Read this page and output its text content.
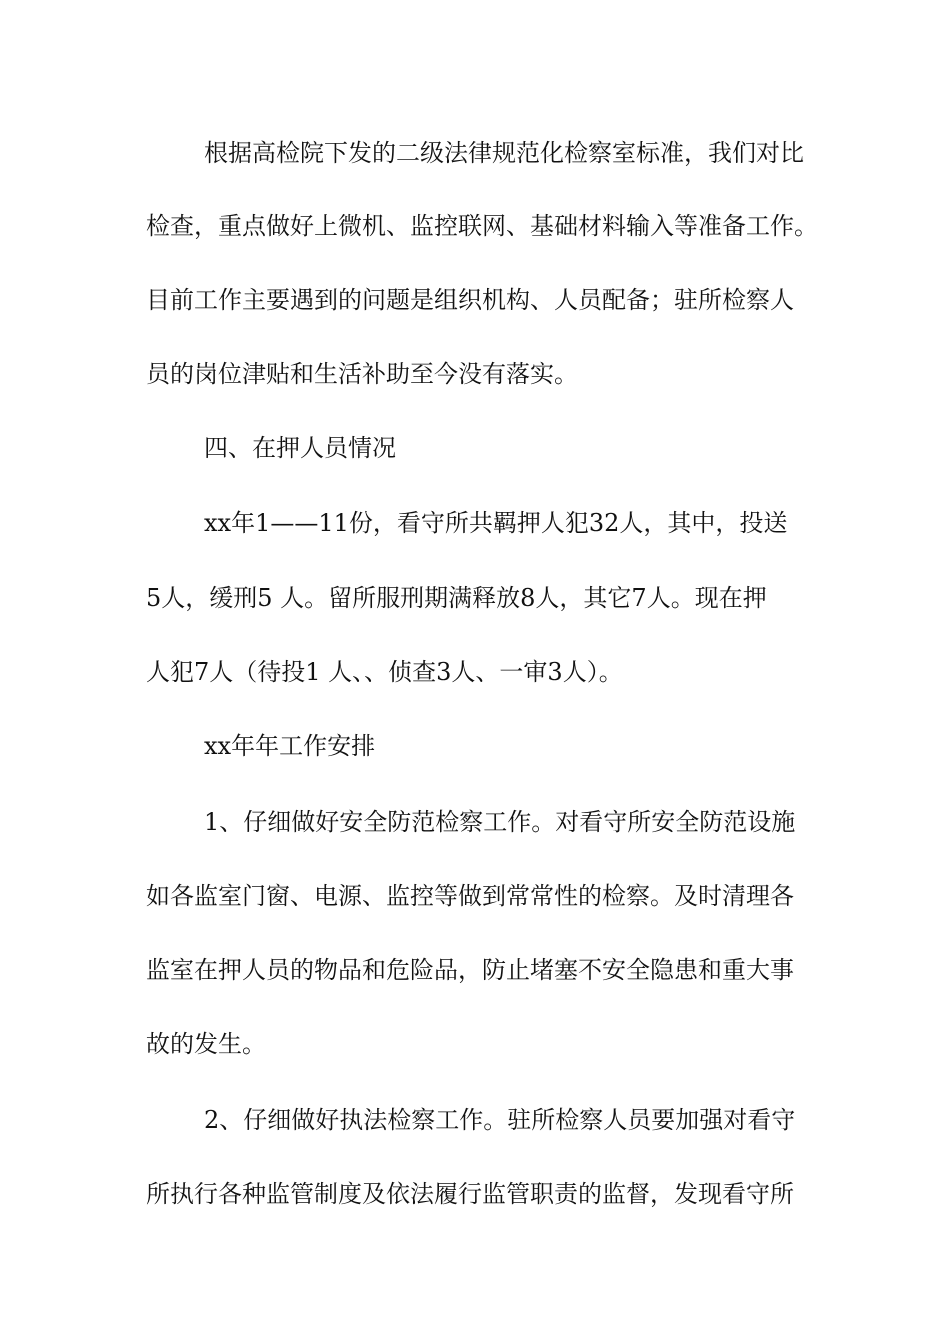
根据高检院下发的二级法律规范化检察室标准，我们对比

检查，重点做好上微机、监控联网、基础材料输入等准备工作。

目前工作主要遇到的问题是组织机构、人员配备；驻所检察人

员的岗位津贴和生活补助至今没有落实。

四、在押人员情况

xx年1——11份，看守所共羁押人犯32人，其中，投送

5人，缓刑5 人。留所服刑期满释放8人，其它7人。现在押

人犯7人（待投1 人、、侦查3人、一审3人）。

xx年年工作安排

1、仔细做好安全防范检察工作。对看守所安全防范设施

如各监室门窗、电源、监控等做到常常性的检察。及时清理各

监室在押人员的物品和危险品，防止堵塞不安全隐患和重大事

故的发生。

2、仔细做好执法检察工作。驻所检察人员要加强对看守

所执行各种监管制度及依法履行监管职责的监督，发现看守所
